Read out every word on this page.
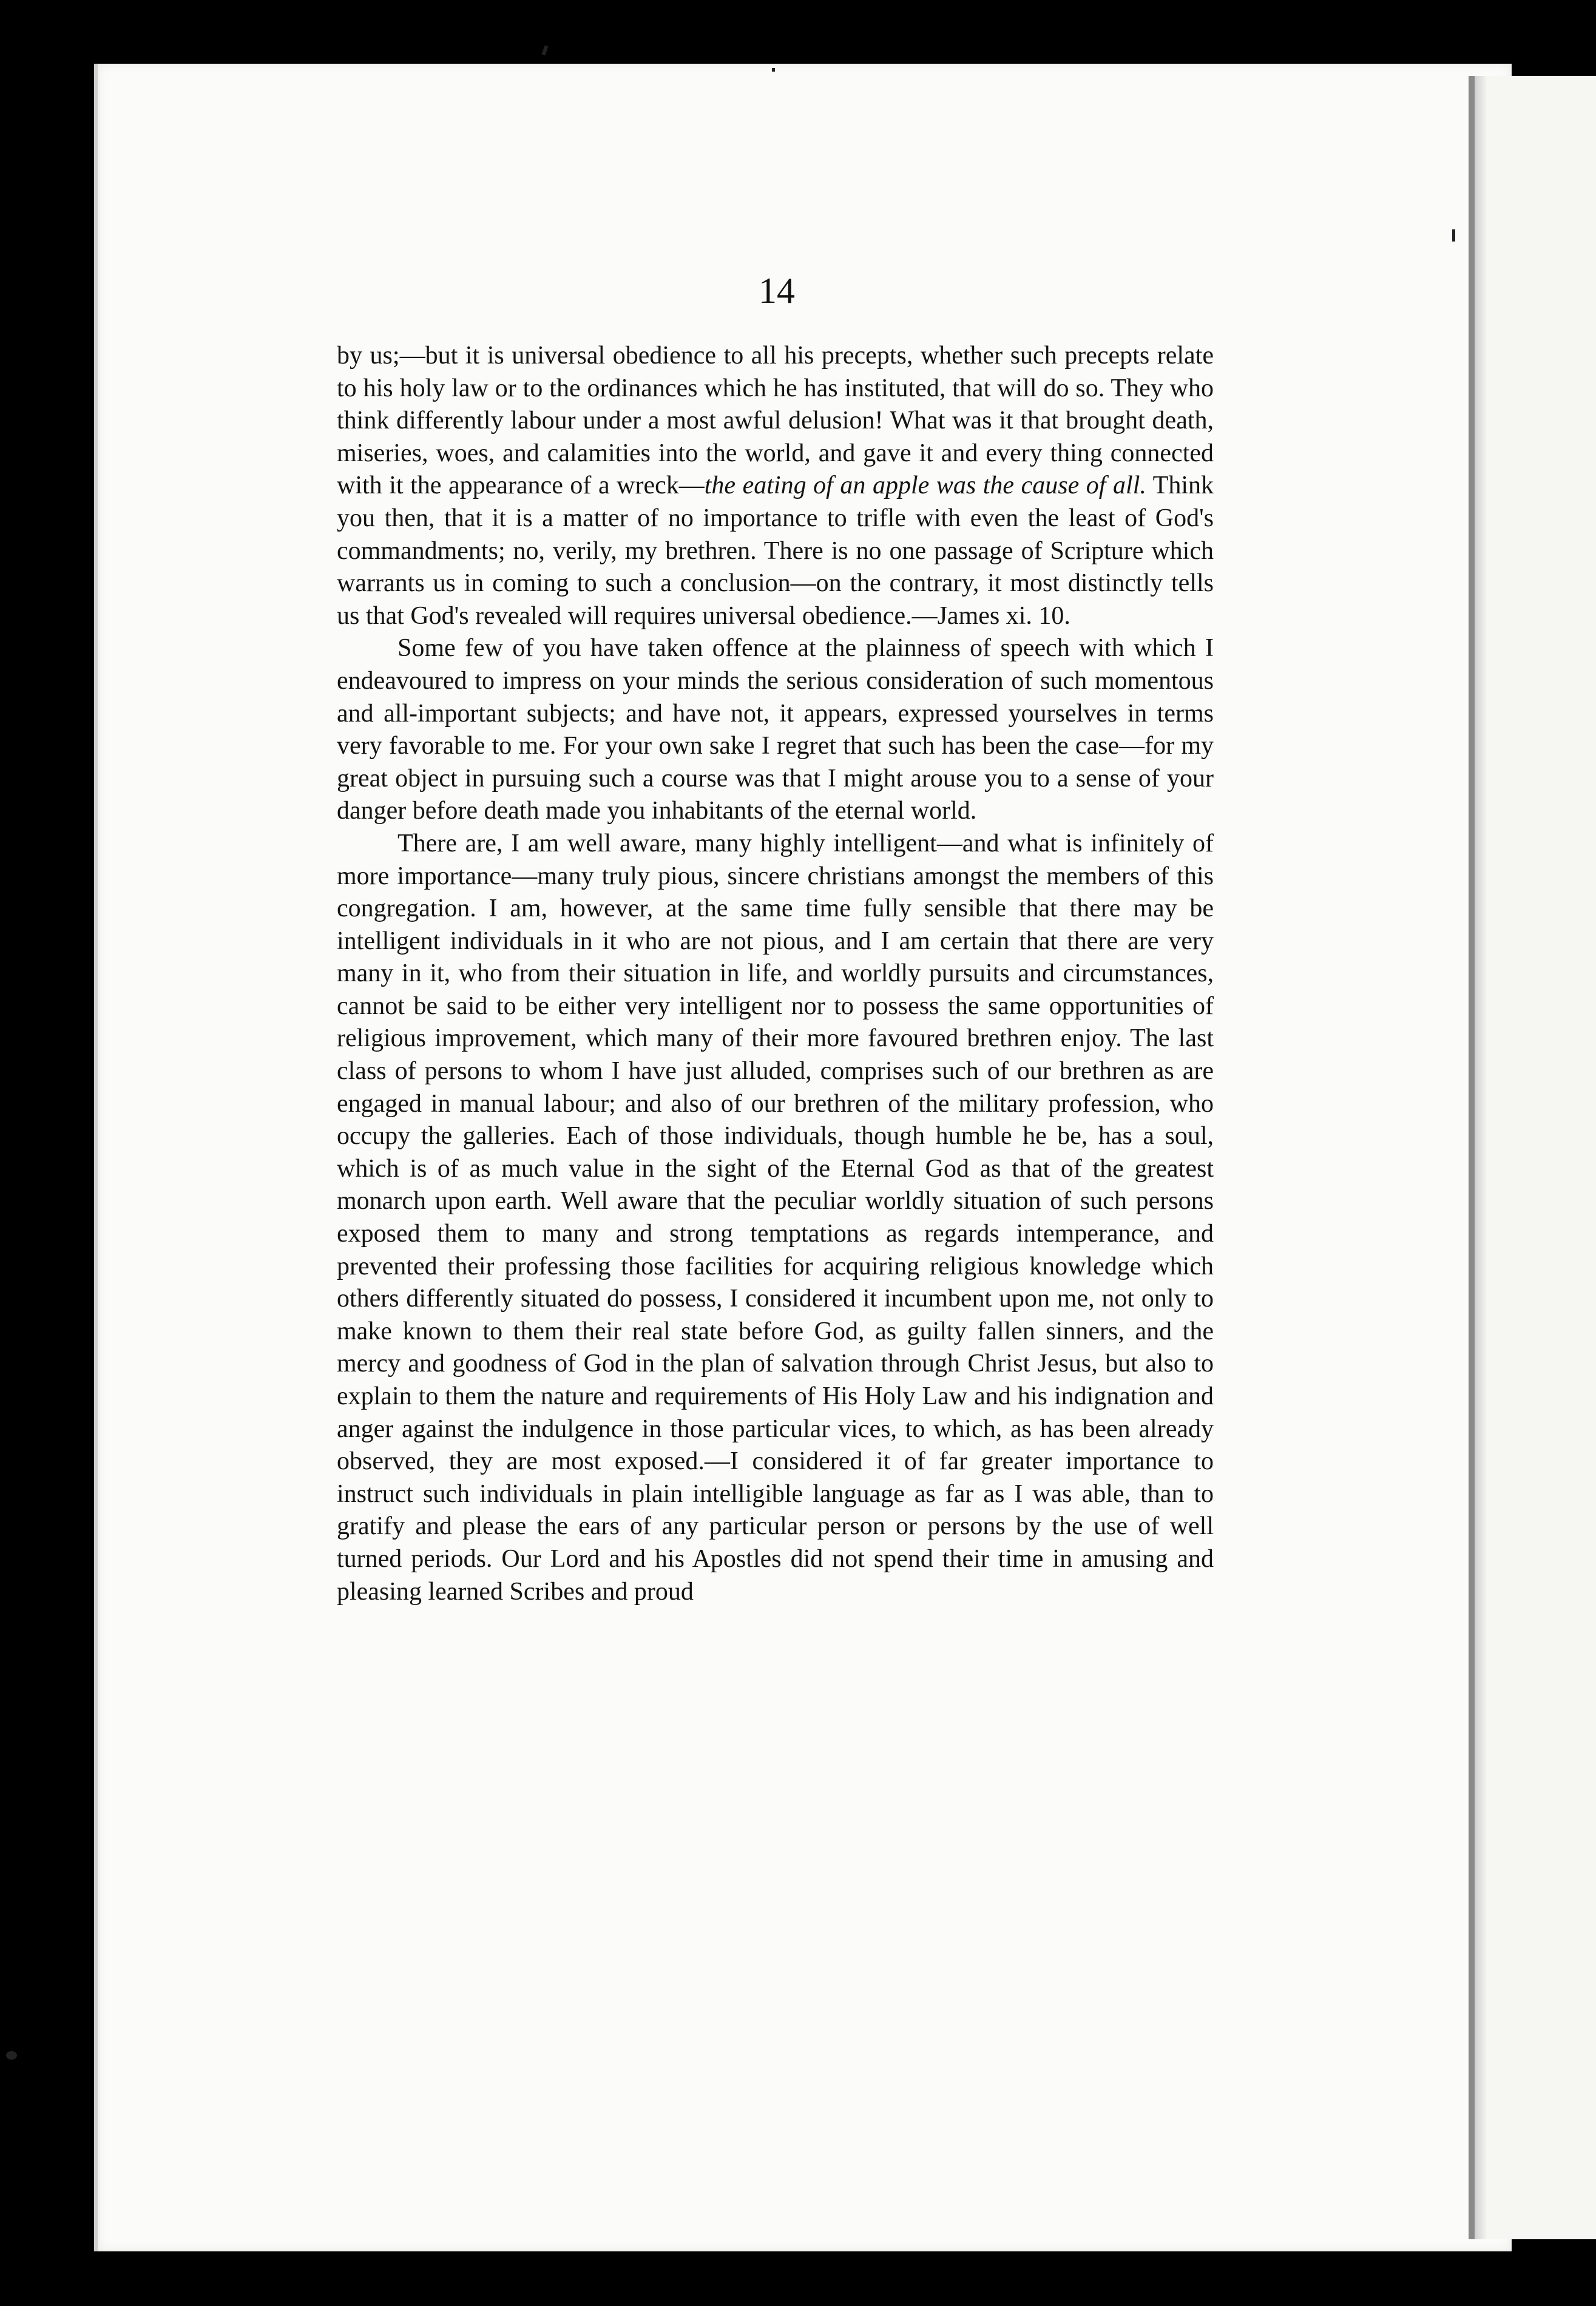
14

by us;—but it is universal obedience to all his precepts, whether such precepts relate to his holy law or to the ordinances which he has instituted, that will do so. They who think differently labour under a most awful delusion! What was it that brought death, miseries, woes, and calamities into the world, and gave it and every thing connected with it the appearance of a wreck—the eating of an apple was the cause of all. Think you then, that it is a matter of no importance to trifle with even the least of God's commandments; no, verily, my brethren. There is no one passage of Scripture which warrants us in coming to such a conclusion—on the contrary, it most distinctly tells us that God's revealed will requires universal obedience.—James xi. 10.

Some few of you have taken offence at the plainness of speech with which I endeavoured to impress on your minds the serious consideration of such momentous and all-important subjects; and have not, it appears, expressed yourselves in terms very favorable to me. For your own sake I regret that such has been the case—for my great object in pursuing such a course was that I might arouse you to a sense of your danger before death made you inhabitants of the eternal world.

There are, I am well aware, many highly intelligent—and what is infinitely of more importance—many truly pious, sincere christians amongst the members of this congregation. I am, however, at the same time fully sensible that there may be intelligent individuals in it who are not pious, and I am certain that there are very many in it, who from their situation in life, and worldly pursuits and circumstances, cannot be said to be either very intelligent nor to possess the same opportunities of religious improvement, which many of their more favoured brethren enjoy. The last class of persons to whom I have just alluded, comprises such of our brethren as are engaged in manual labour; and also of our brethren of the military profession, who occupy the galleries. Each of those individuals, though humble he be, has a soul, which is of as much value in the sight of the Eternal God as that of the greatest monarch upon earth. Well aware that the peculiar worldly situation of such persons exposed them to many and strong temptations as regards intemperance, and prevented their professing those facilities for acquiring religious knowledge which others differently situated do possess, I considered it incumbent upon me, not only to make known to them their real state before God, as guilty fallen sinners, and the mercy and goodness of God in the plan of salvation through Christ Jesus, but also to explain to them the nature and requirements of His Holy Law and his indignation and anger against the indulgence in those particular vices, to which, as has been already observed, they are most exposed.—I considered it of far greater importance to instruct such individuals in plain intelligible language as far as I was able, than to gratify and please the ears of any particular person or persons by the use of well turned periods. Our Lord and his Apostles did not spend their time in amusing and pleasing learned Scribes and proud
